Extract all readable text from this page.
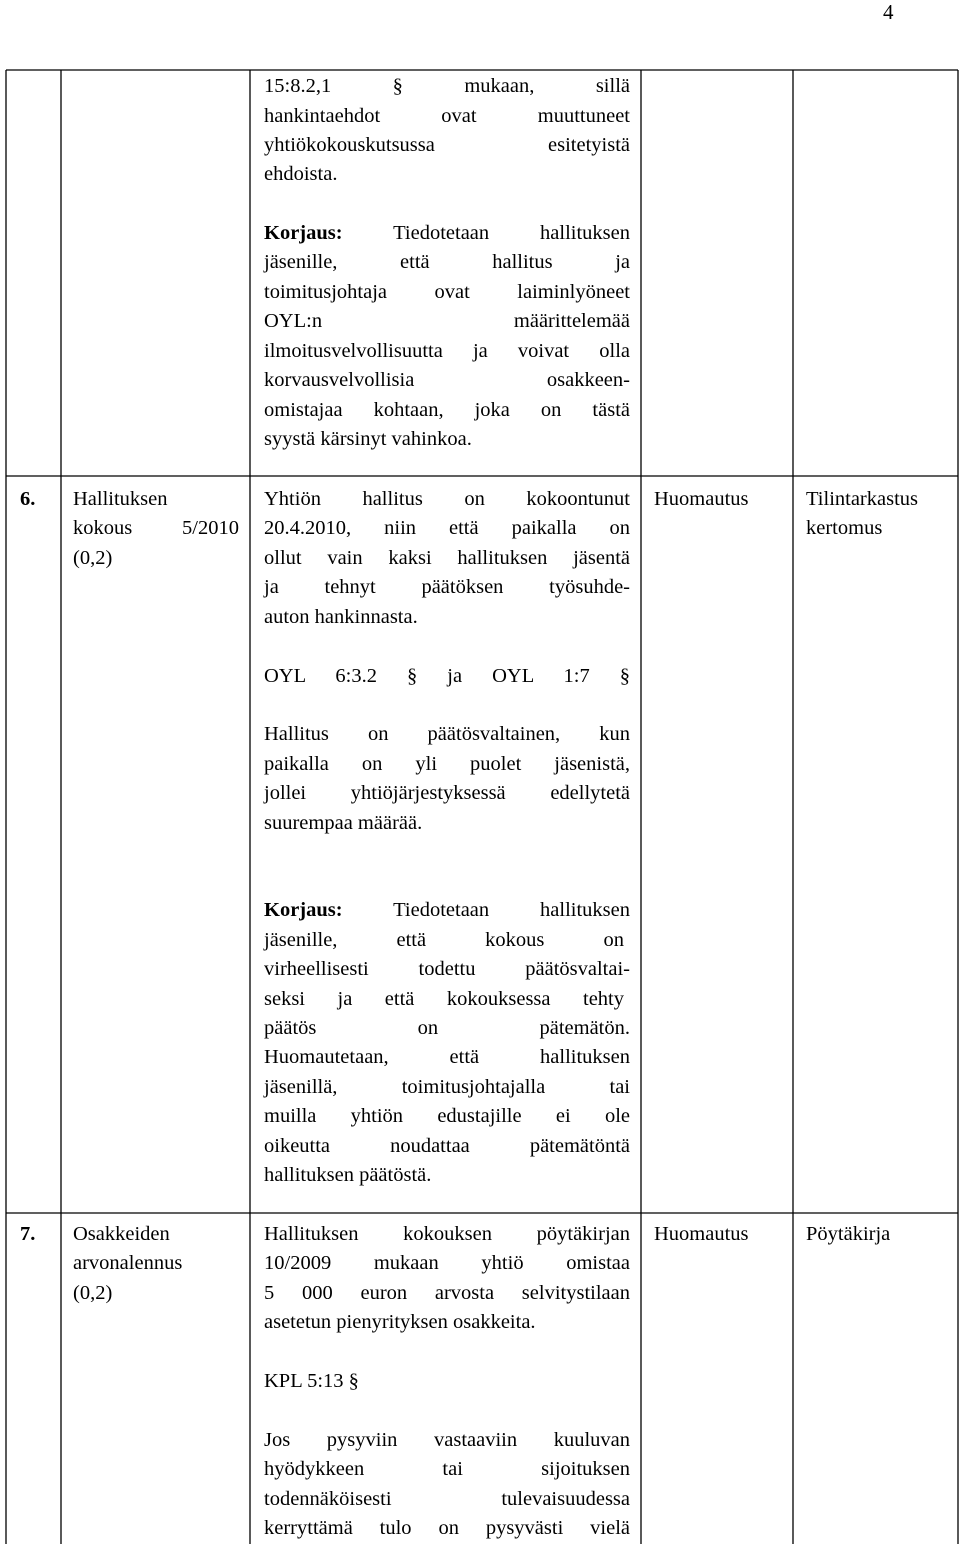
4
15:8.2,1 § mukaan, sillä
hankintaehdot ovat muuttuneet
yhtiökokouskutsussa esitetyistä
ehdoista.
Korjaus: Tiedotetaan hallituksen
jäsenille, että hallitus ja
toimitusjohtaja ovat laiminlyöneet
OYL:n määrittelemää
ilmoitusvelvollisuutta ja voivat olla
korvausvelvollisia osakkeen-
omistajaa kohtaan, joka on tästä
syystä kärsinyt vahinkoa.
6. Hallituksen
kokous 5/2010
(0,2)
Yhtiön hallitus on kokoontunut
20.4.2010, niin että paikalla on
ollut vain kaksi hallituksen jäsentä
ja tehnyt päätöksen työsuhde-
auton hankinnasta.
OYL 6:3.2 § ja OYL 1:7 §
Hallitus on päätösvaltainen, kun
paikalla on yli puolet jäsenistä,
jollei yhtiöjärjestyksessä edellytetä
suurempaa määrää.
Korjaus: Tiedotetaan hallituksen
jäsenille, että kokous on
virheellisesti todettu päätösvaltai-
seksi ja että kokouksessa tehty
päätös on pätemätön.
Huomautetaan, että hallituksen
jäsenillä, toimitusjohtajalla tai
muilla yhtiön edustajille ei ole
oikeutta noudattaa pätemätöntä
hallituksen päätöstä.
Huomautus	Tilintarkastus
kertomus
7. Osakkeiden
arvonalennus
(0,2)
Hallituksen kokouksen pöytäkirjan
10/2009 mukaan yhtiö omistaa
5 000 euron arvosta selvitystilaan
asetetun pienyrityksen osakkeita.
KPL 5:13 §
Jos pysyviin vastaaviin kuuluvan
hyödykkeen tai sijoituksen
todennäköisesti tulevaisuudessa
kerryttämä tulo on pysyvästi vielä
Huomautus	Pöytäkirja
